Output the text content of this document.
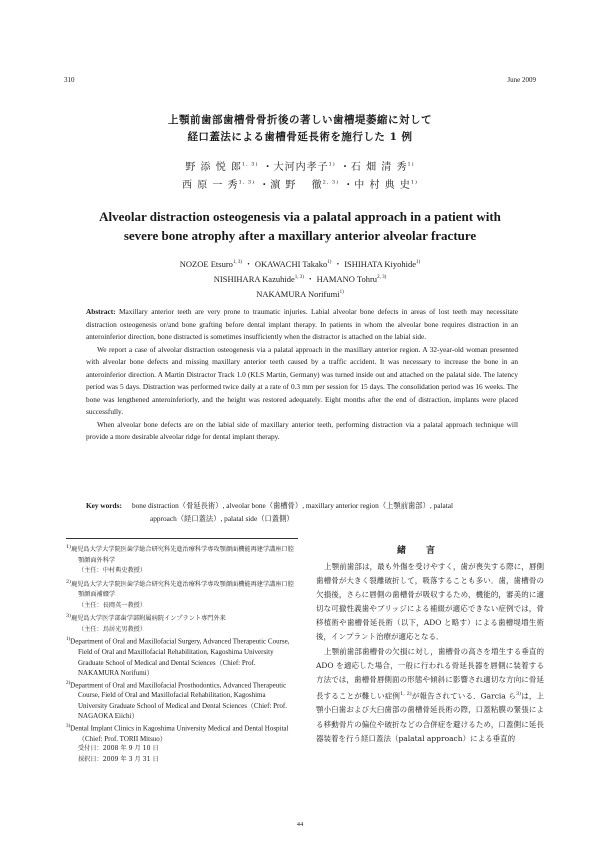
310	June 2009
上顎前歯部歯槽骨骨折後の著しい歯槽堤萎縮に対して
経口蓋法による歯槽骨延長術を施行した 1 例
野 添 悦 郎$^{1, 3)}$ ・大河内孝子$^{1)}$ ・石 畑 清 秀$^{1)}$
西 原 一 秀$^{1, 3)}$ ・濵 野　 徹$^{2, 3)}$ ・中 村 典 史$^{1)}$
Alveolar distraction osteogenesis via a palatal approach in a patient with
severe bone atrophy after a maxillary anterior alveolar fracture
NOZOE Etsuro$^{1, 3)}$ ・ OKAWACHI Takako$^{1)}$ ・ ISHIHATA Kiyohide$^{1)}$
NISHIHARA Kazuhide$^{1, 3)}$ ・ HAMANO Tohru$^{2, 3)}$
NAKAMURA Norifumi$^{1)}$

Abstract: Maxillary anterior teeth are very prone to traumatic injuries. Labial alveolar bone defects in areas of lost teeth may necessitate distraction osteogenesis or/and bone grafting before dental implant therapy. In patients in whom the alveolar bone requires distraction in an anteroinferior direction, bone distracted is sometimes insufficiently when the distractor is attached on the labial side.

We report a case of alveolar distraction osteogenesis via a palatal approach in the maxillary anterior region. A 32-year-old woman presented with alveolar bone defects and missing maxillary anterior teeth caused by a traffic accident. It was necessary to increase the bone in an anteroinferior direction. A Martin Distractor Track 1.0 (KLS Martin, Germany) was turned inside out and attached on the palatal side. The latency period was 5 days. Distraction was performed twice daily at a rate of 0.3 mm per session for 15 days. The consolidation period was 16 weeks. The bone was lengthened anteroinferiorly, and the height was restored adequately. Eight months after the end of distraction, implants were placed successfully.

When alveolar bone defects are on the labial side of maxillary anterior teeth, performing distraction via a palatal approach technique will provide a more desirable alveolar ridge for dental implant therapy.

Key words: bone distraction（骨延長術）, alveolar bone（歯槽骨）, maxillary anterior region（上顎前歯部）, palatal
approach（経口蓋法）, palatal side（口蓋側）

$^{1)}$鹿児島大学大学院医歯学総合研究科先進治療科学専攻顎顔面機能再建学講座口腔顎顔面外科学

（主任：中村典史教授）

$^{2)}$鹿児島大学大学院医歯学総合研究科先進治療科学専攻顎顔面機能再建学講座口腔顎顔面補綴学

（主任：長岡英一教授）

$^{3)}$鹿児島大学医学部歯学部附属病院インプラント専門外来

（主任：鳥居光男教授）

$^{1)}$Department of Oral and Maxillofacial Surgery, Advanced Therapeutic Course, Field of Oral and Maxillofacial Rehabilitation, Kagoshima University Graduate School of Medical and Dental Sciences（Chief: Prof. NAKAMURA Norifumi）

$^{2)}$Department of Oral and Maxillofacial Prosthodontics, Advanced Therapeutic Course, Field of Oral and Maxillofacial Rehabilitation, Kagoshima University Graduate School of Medical and Dental Sciences（Chief: Prof. NAGAOKA Eiichi）

$^{3)}$Dental Implant Clinics in Kagoshima University Medical and Dental Hospital（Chief: Prof. TORII Mitsuo）

受付日：2008 年 9 月 10 日

採択日：2009 年 3 月 31 日

緒言

上顎前歯部は，最も外傷を受けやすく，歯が喪失する際に，唇側歯槽骨が大きく裂離破折して，吸落することも多い．歯，歯槽骨の欠損後，さらに唇側の歯槽骨が吸収するため，機能的，審美的に適切な可撤性義歯やブリッジによる補綴が適応できない症例では，骨移植術や歯槽骨延長術（以下，ADO と略す）による歯槽堤増生術後，インプラント治療が適応となる．

上顎前歯部歯槽骨の欠損に対し，歯槽骨の高さを増生する垂直的 ADO を適応した場合，一般に行われる骨延長器を唇側に装着する方法では，歯槽骨唇側面の形態や傾斜に影響され適切な方向に骨延長することが難しい症例$^{1, 2)}$が報告されている．Garcia ら$^{3)}$は，上顎小臼歯および大臼歯部の歯槽骨延長術の際，口蓋粘膜の緊張による移動骨片の偏位や破折などの合併症を避けるため，口蓋側に延長器装着を行う経口蓋法（palatal approach）による垂直的

44
